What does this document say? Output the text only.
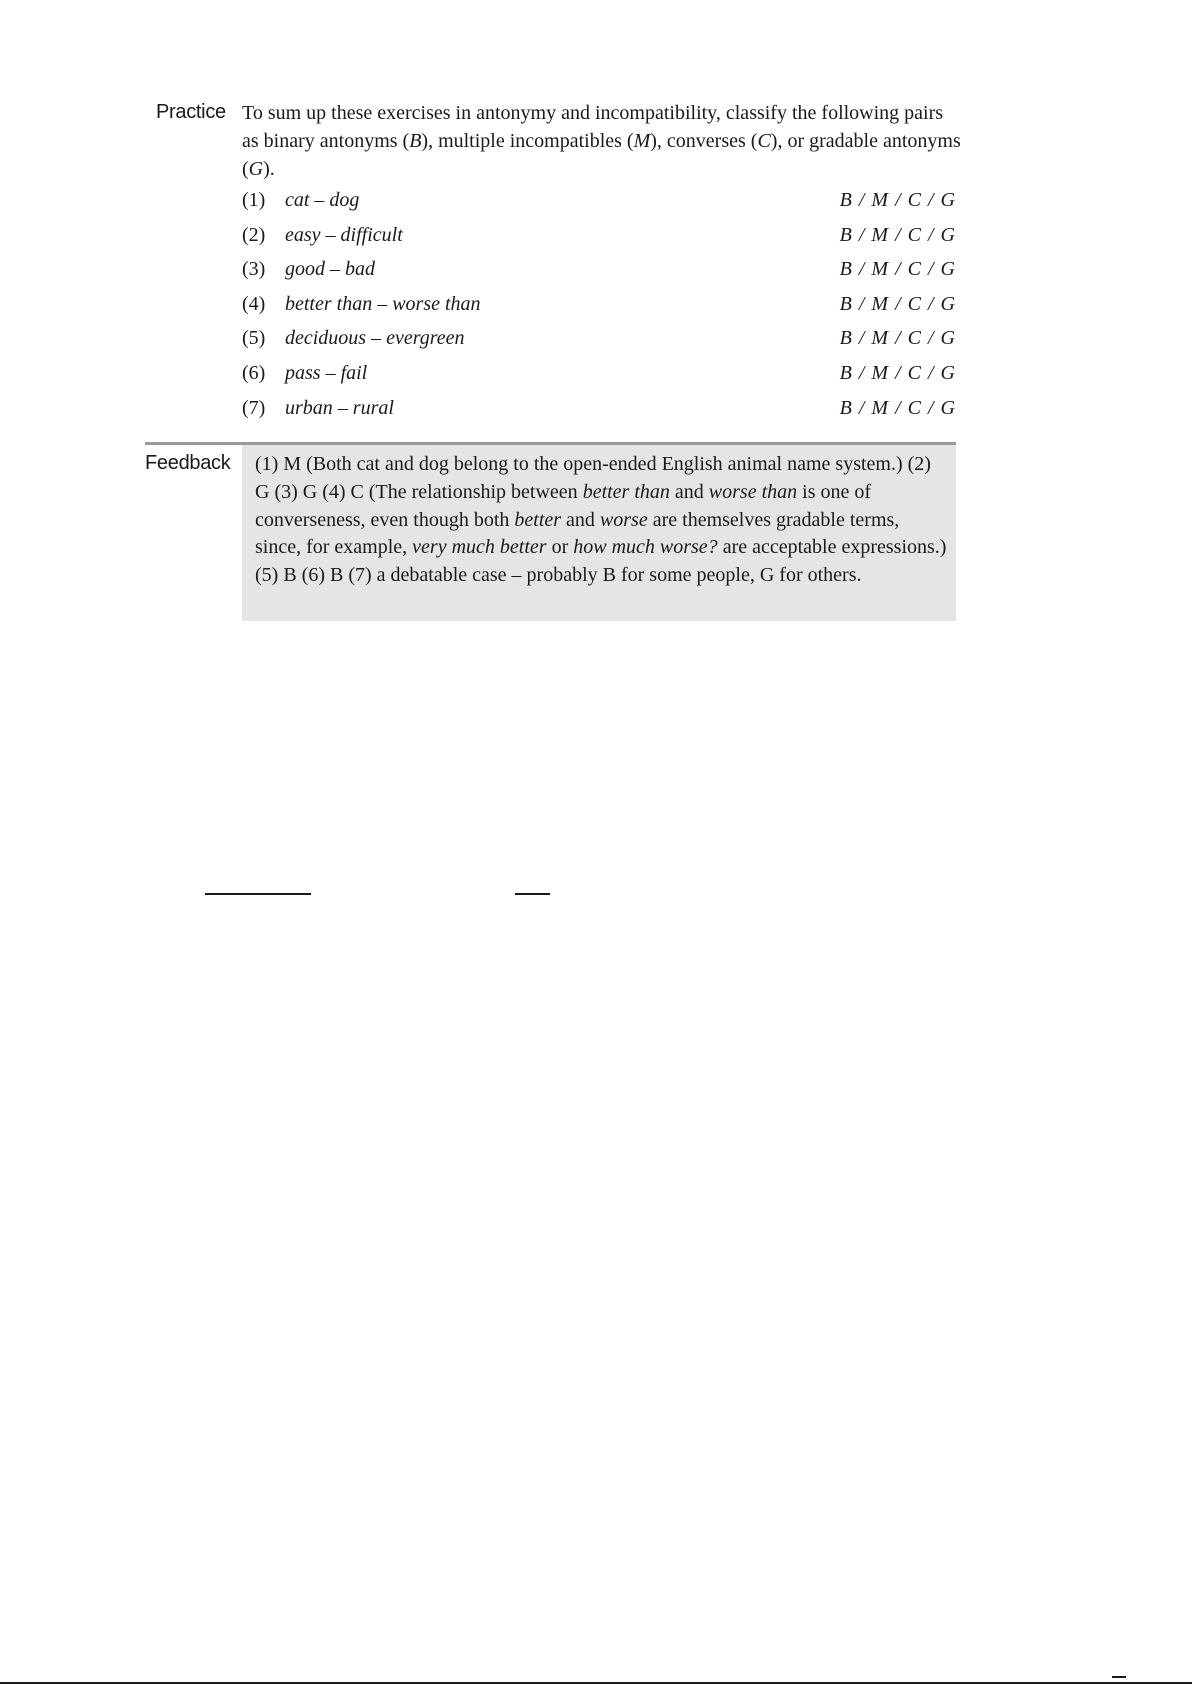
Practice To sum up these exercises in antonymy and incompatibility, classify the following pairs as binary antonyms (B), multiple incompatibles (M), converses (C), or gradable antonyms (G).
(1) cat – dog	B / M / C / G
(2) easy – difficult	B / M / C / G
(3) good – bad	B / M / C / G
(4) better than – worse than	B / M / C / G
(5) deciduous – evergreen	B / M / C / G
(6) pass – fail	B / M / C / G
(7) urban – rural	B / M / C / G
Feedback (1) M (Both cat and dog belong to the open-ended English animal name system.) (2) G (3) G (4) C (The relationship between better than and worse than is one of converseness, even though both better and worse are themselves gradable terms, since, for example, very much better or how much worse? are acceptable expressions.) (5) B (6) B (7) a debatable case – probably B for some people, G for others.
